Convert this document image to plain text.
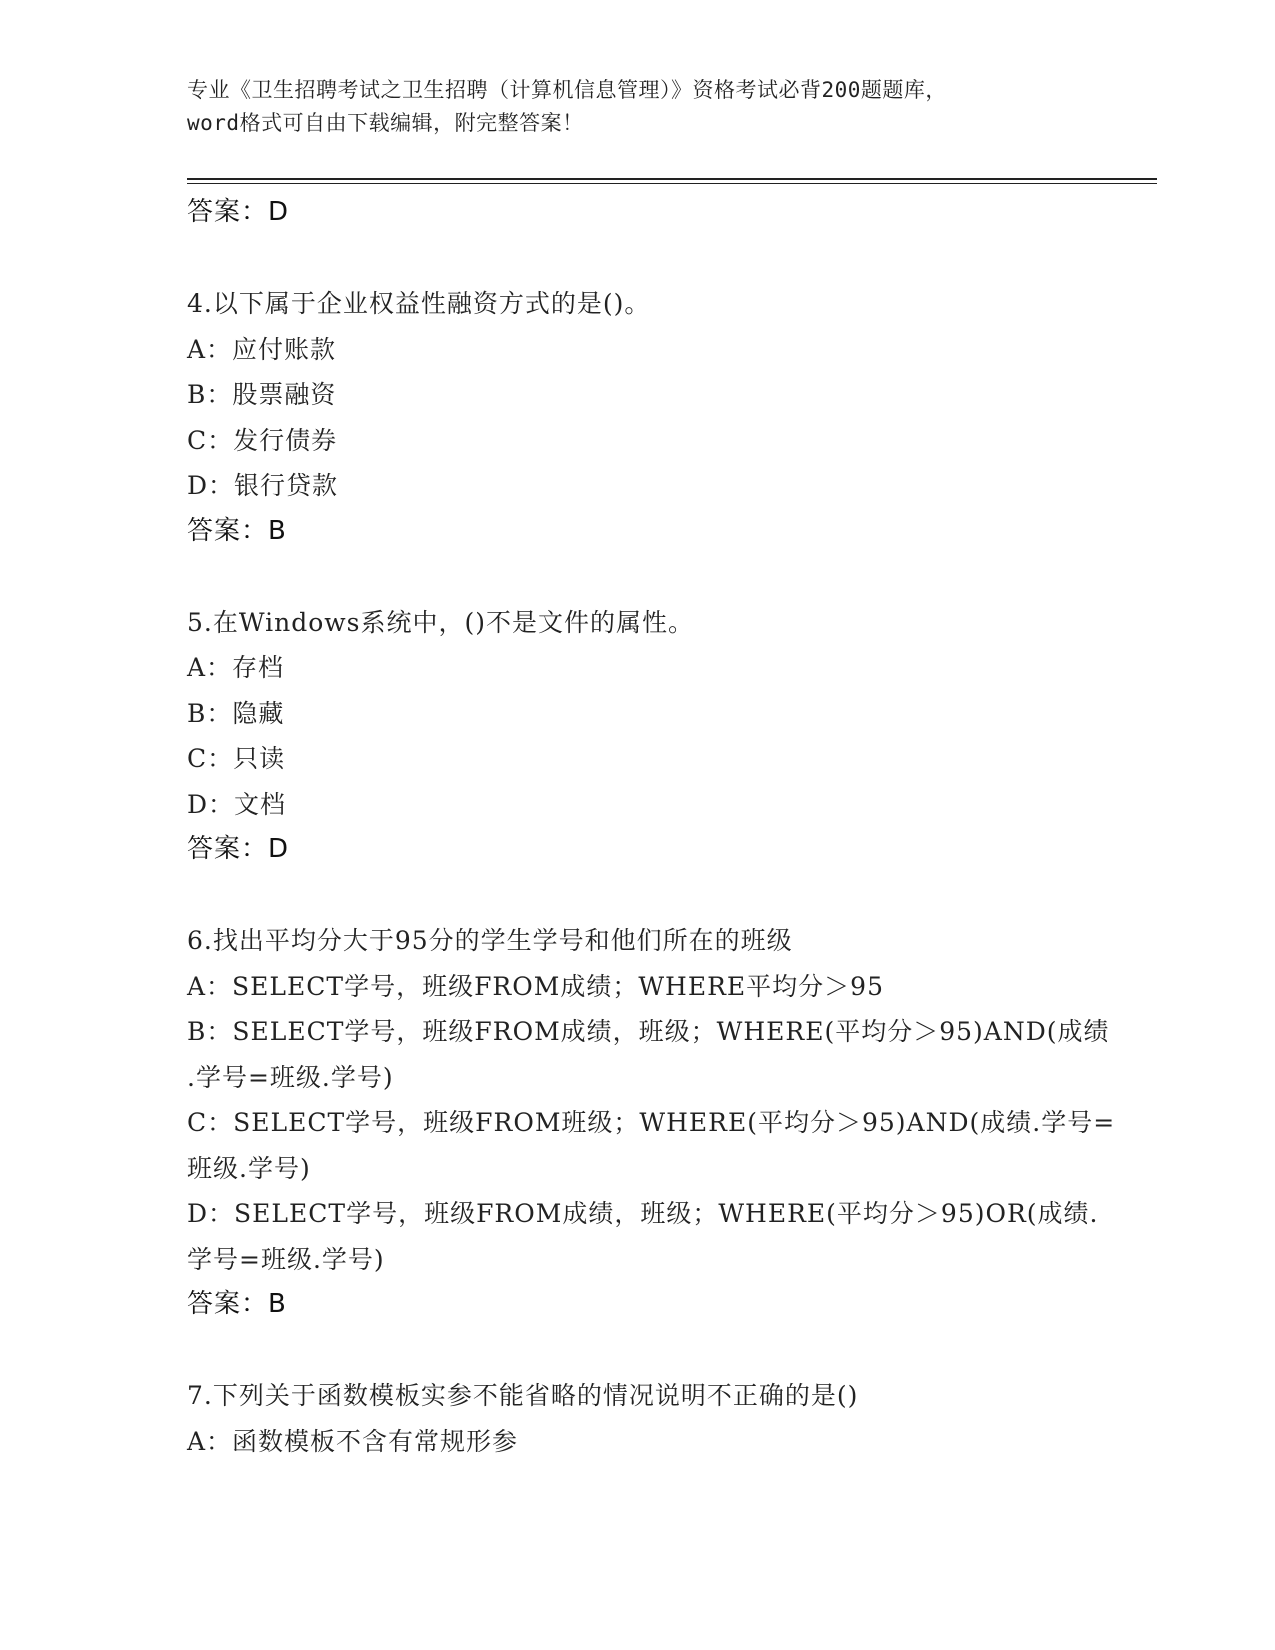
专业《卫生招聘考试之卫生招聘（计算机信息管理）》资格考试必背200题题库，
word格式可自由下载编辑，附完整答案！
答案：D
4.以下属于企业权益性融资方式的是()。
A：应付账款
B：股票融资
C：发行债券
D：银行贷款
答案：B
5.在Windows系统中，()不是文件的属性。
A：存档
B：隐藏
C：只读
D：文档
答案：D
6.找出平均分大于95分的学生学号和他们所在的班级
A：SELECT学号，班级FROM成绩；WHERE平均分＞95
B：SELECT学号，班级FROM成绩，班级；WHERE(平均分＞95)AND(成绩
.学号=班级.学号)
C：SELECT学号，班级FROM班级；WHERE(平均分＞95)AND(成绩.学号=
班级.学号)
D：SELECT学号，班级FROM成绩，班级；WHERE(平均分＞95)OR(成绩.
学号=班级.学号)
答案：B
7.下列关于函数模板实参不能省略的情况说明不正确的是()
A：函数模板不含有常规形参
